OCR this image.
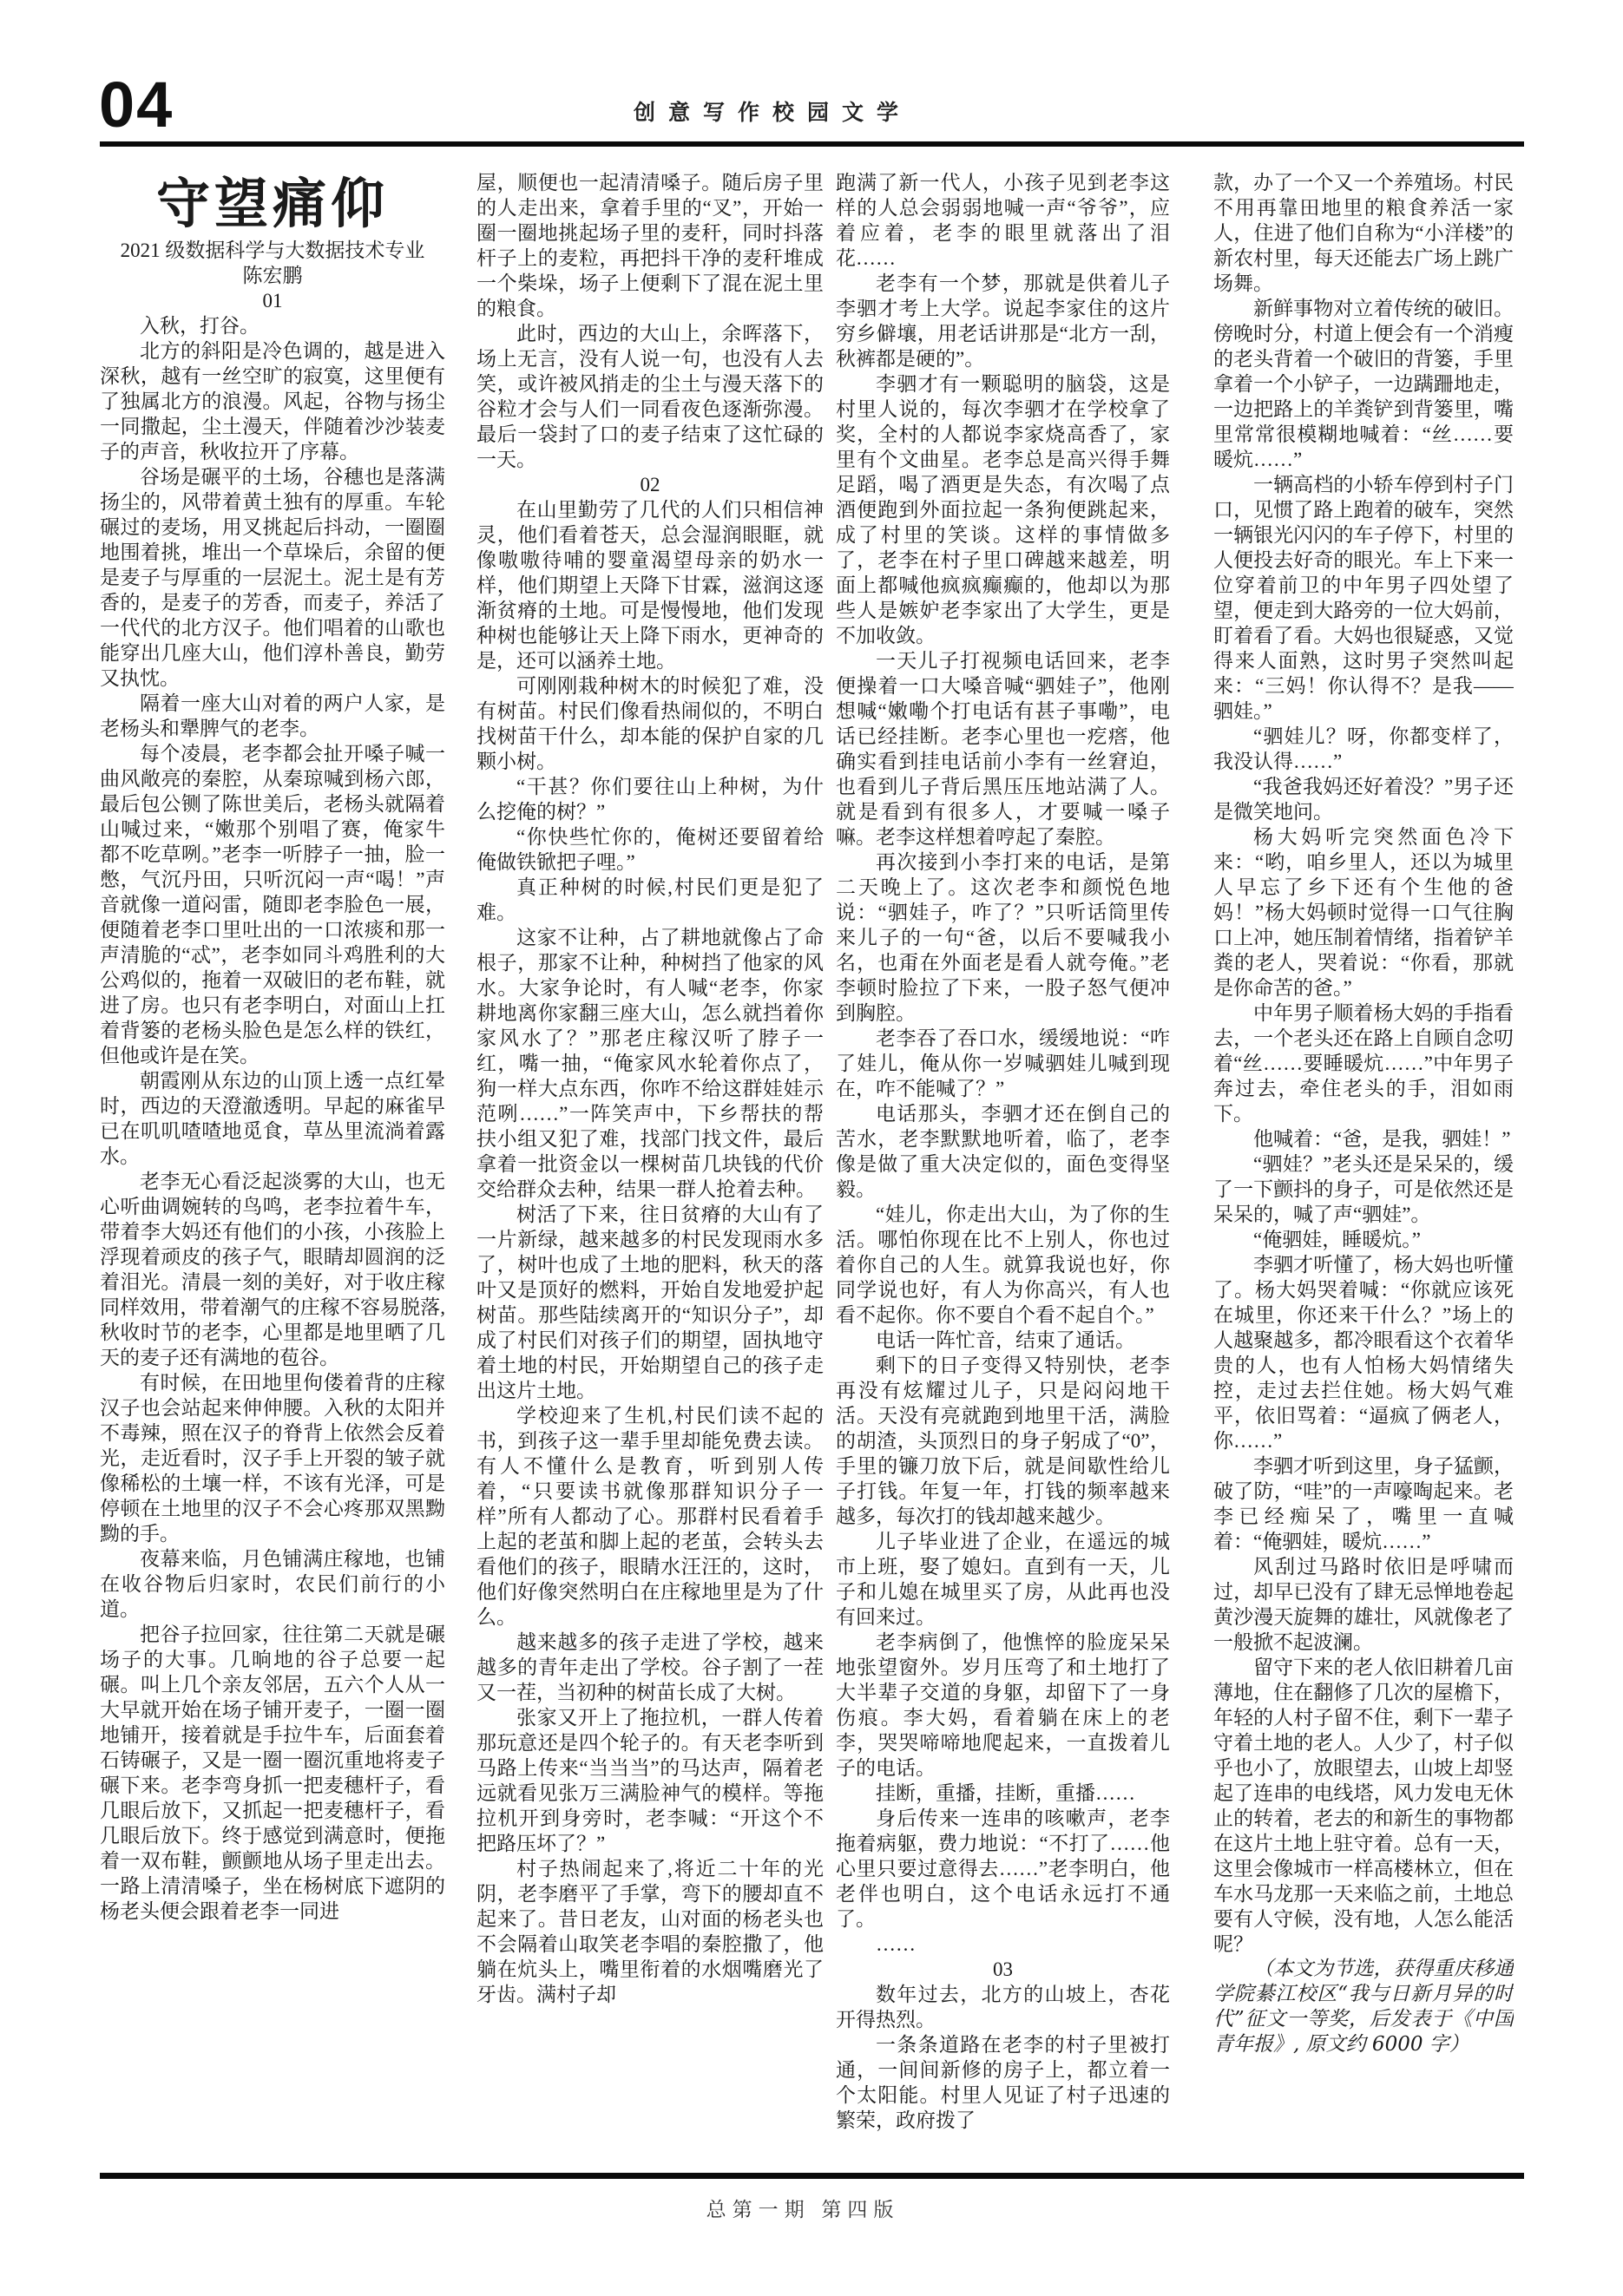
04	创意写作校园文学

守望痛仰

2021 级数据科学与大数据技术专业

陈宏鹏

01

入秋，打谷。

北方的斜阳是冷色调的，越是进入深秋，越有一丝空旷的寂寞，这里便有了独属北方的浪漫。风起，谷物与扬尘一同撒起，尘土漫天，伴随着沙沙装麦子的声音，秋收拉开了序幕。

谷场是碾平的土场，谷穗也是落满扬尘的，风带着黄土独有的厚重。车轮碾过的麦场，用叉挑起后抖动，一圈圈地围着挑，堆出一个草垛后，余留的便是麦子与厚重的一层泥土。泥土是有芳香的，是麦子的芳香，而麦子，养活了一代代的北方汉子。他们唱着的山歌也能穿出几座大山，他们淳朴善良，勤劳又执忱。

隔着一座大山对着的两户人家，是老杨头和犟脾气的老李。

每个凌晨，老李都会扯开嗓子喊一曲风敞亮的秦腔，从秦琼喊到杨六郎，最后包公铡了陈世美后，老杨头就隔着山喊过来，“嫩那个别唱了赛，俺家牛都不吃草咧。”老李一听脖子一抽，脸一憋，气沉丹田，只听沉闷一声“喝！”声音就像一道闷雷，随即老李脸色一展，便随着老李口里吐出的一口浓痰和那一声清脆的“忒”，老李如同斗鸡胜利的大公鸡似的，拖着一双破旧的老布鞋，就进了房。也只有老李明白，对面山上扛着背篓的老杨头脸色是怎么样的铁红，但他或许是在笑。

朝霞刚从东边的山顶上透一点红晕时，西边的天澄澈透明。早起的麻雀早已在叽叽喳喳地觅食，草丛里流淌着露水。

老李无心看泛起淡雾的大山，也无心听曲调婉转的鸟鸣，老李拉着牛车，带着李大妈还有他们的小孩，小孩脸上浮现着顽皮的孩子气，眼睛却圆润的泛着泪光。清晨一刻的美好，对于收庄稼同样效用，带着潮气的庄稼不容易脱落,秋收时节的老李，心里都是地里晒了几天的麦子还有满地的苞谷。

有时候，在田地里佝偻着背的庄稼汉子也会站起来伸伸腰。入秋的太阳并不毒辣，照在汉子的脊背上依然会反着光，走近看时，汉子手上开裂的皱子就像稀松的土壤一样，不该有光泽，可是停顿在土地里的汉子不会心疼那双黑黝黝的手。

夜幕来临，月色铺满庄稼地，也铺在收谷物后归家时，农民们前行的小道。

把谷子拉回家，往往第二天就是碾场子的大事。几晌地的谷子总要一起碾。叫上几个亲友邻居，五六个人从一大早就开始在场子铺开麦子，一圈一圈地铺开，接着就是手拉牛车，后面套着石铸碾子，又是一圈一圈沉重地将麦子碾下来。老李弯身抓一把麦穗杆子，看几眼后放下，又抓起一把麦穗杆子，看几眼后放下。终于感觉到满意时，便拖着一双布鞋，颤颤地从场子里走出去。一路上清清嗓子，坐在杨树底下遮阴的杨老头便会跟着老李一同进

屋，顺便也一起清清嗓子。随后房子里的人走出来，拿着手里的“叉”，开始一圈一圈地挑起场子里的麦秆，同时抖落杆子上的麦粒，再把抖干净的麦秆堆成一个柴垛，场子上便剩下了混在泥土里的粮食。

此时，西边的大山上，余晖落下，场上无言，没有人说一句，也没有人去笑，或许被风捎走的尘土与漫天落下的谷粒才会与人们一同看夜色逐渐弥漫。最后一袋封了口的麦子结束了这忙碌的一天。

02

在山里勤劳了几代的人们只相信神灵，他们看着苍天，总会湿润眼眶，就像嗷嗷待哺的婴童渴望母亲的奶水一样，他们期望上天降下甘霖，滋润这逐渐贫瘠的土地。可是慢慢地，他们发现种树也能够让天上降下雨水，更神奇的是，还可以涵养土地。

可刚刚栽种树木的时候犯了难，没有树苗。村民们像看热闹似的，不明白找树苗干什么，却本能的保护自家的几颗小树。

“干甚？你们要往山上种树，为什么挖俺的树？”

“你快些忙你的，俺树还要留着给俺做铁锨把子哩。”

真正种树的时候,村民们更是犯了难。

这家不让种，占了耕地就像占了命根子，那家不让种，种树挡了他家的风水。大家争论时，有人喊“老李，你家耕地离你家翻三座大山，怎么就挡着你家风水了？”那老庄稼汉听了脖子一红，嘴一抽，“俺家风水轮着你点了，狗一样大点东西，你咋不给这群娃娃示范咧……”一阵笑声中，下乡帮扶的帮扶小组又犯了难，找部门找文件，最后拿着一批资金以一棵树苗几块钱的代价交给群众去种，结果一群人抢着去种。

树活了下来，往日贫瘠的大山有了一片新绿，越来越多的村民发现雨水多了，树叶也成了土地的肥料，秋天的落叶又是顶好的燃料，开始自发地爱护起树苗。那些陆续离开的“知识分子”，却成了村民们对孩子们的期望，固执地守着土地的村民，开始期望自己的孩子走出这片土地。

学校迎来了生机,村民们读不起的书，到孩子这一辈手里却能免费去读。有人不懂什么是教育，听到别人传着，“只要读书就像那群知识分子一样”所有人都动了心。那群村民看着手上起的老茧和脚上起的老茧，会转头去看他们的孩子，眼睛水汪汪的，这时，他们好像突然明白在庄稼地里是为了什么。

越来越多的孩子走进了学校，越来越多的青年走出了学校。谷子割了一茬又一茬，当初种的树苗长成了大树。

张家又开上了拖拉机，一群人传着那玩意还是四个轮子的。有天老李听到马路上传来“当当当”的马达声，隔着老远就看见张万三满脸神气的模样。等拖拉机开到身旁时，老李喊：“开这个不把路压坏了？”

村子热闹起来了,将近二十年的光阴，老李磨平了手掌，弯下的腰却直不起来了。昔日老友，山对面的杨老头也不会隔着山取笑老李唱的秦腔撒了，他躺在炕头上，嘴里衔着的水烟嘴磨光了牙齿。满村子却

跑满了新一代人，小孩子见到老李这样的人总会弱弱地喊一声“爷爷”，应着应着，老李的眼里就落出了泪花……

老李有一个梦，那就是供着儿子李驷才考上大学。说起李家住的这片穷乡僻壤，用老话讲那是“北方一刮，秋裤都是硬的”。

李驷才有一颗聪明的脑袋，这是村里人说的，每次李驷才在学校拿了奖，全村的人都说李家烧高香了，家里有个文曲星。老李总是高兴得手舞足蹈，喝了酒更是失态，有次喝了点酒便跑到外面拉起一条狗便跳起来，成了村里的笑谈。这样的事情做多了，老李在村子里口碑越来越差，明面上都喊他疯疯癫癫的，他却以为那些人是嫉妒老李家出了大学生，更是不加收敛。

一天儿子打视频电话回来，老李便操着一口大嗓音喊“驷娃子”，他刚想喊“嫩嘞个打电话有甚子事嘞”，电话已经挂断。老李心里也一疙瘩，他确实看到挂电话前小李有一丝窘迫，也看到儿子背后黑压压地站满了人。就是看到有很多人，才要喊一嗓子嘛。老李这样想着哼起了秦腔。

再次接到小李打来的电话，是第二天晚上了。这次老李和颜悦色地说：“驷娃子，咋了？”只听话筒里传来儿子的一句“爸，以后不要喊我小名，也甭在外面老是看人就夸俺。”老李顿时脸拉了下来，一股子怒气便冲到胸腔。

老李吞了吞口水，缓缓地说：“咋了娃儿，俺从你一岁喊驷娃儿喊到现在，咋不能喊了？”

电话那头，李驷才还在倒自己的苦水，老李默默地听着，临了，老李像是做了重大决定似的，面色变得坚毅。

“娃儿，你走出大山，为了你的生活。哪怕你现在比不上别人，你也过着你自己的人生。就算我说也好，你同学说也好，有人为你高兴，有人也看不起你。你不要自个看不起自个。”

电话一阵忙音，结束了通话。

剩下的日子变得又特别快，老李再没有炫耀过儿子，只是闷闷地干活。天没有亮就跑到地里干活，满脸的胡渣，头顶烈日的身子躬成了“0”，手里的镰刀放下后，就是间歇性给儿子打钱。年复一年，打钱的频率越来越多，每次打的钱却越来越少。

儿子毕业进了企业，在遥远的城市上班，娶了媳妇。直到有一天，儿子和儿媳在城里买了房，从此再也没有回来过。

老李病倒了，他憔悴的脸庞呆呆地张望窗外。岁月压弯了和土地打了大半辈子交道的身躯，却留下了一身伤痕。李大妈，看着躺在床上的老李，哭哭啼啼地爬起来，一直拨着儿子的电话。

挂断，重播，挂断，重播……

身后传来一连串的咳嗽声，老李拖着病躯，费力地说：“不打了……他心里只要过意得去……”老李明白，他老伴也明白，这个电话永远打不通了。

……

03

数年过去，北方的山坡上，杏花开得热烈。

一条条道路在老李的村子里被打通，一间间新修的房子上，都立着一个太阳能。村里人见证了村子迅速的繁荣，政府拨了

款，办了一个又一个养殖场。村民不用再靠田地里的粮食养活一家人，住进了他们自称为“小洋楼”的新农村里，每天还能去广场上跳广场舞。

新鲜事物对立着传统的破旧。傍晚时分，村道上便会有一个消瘦的老头背着一个破旧的背篓，手里拿着一个小铲子，一边蹒跚地走，一边把路上的羊粪铲到背篓里，嘴里常常很模糊地喊着：“丝……要暖炕……”

一辆高档的小轿车停到村子门口，见惯了路上跑着的破车，突然一辆银光闪闪的车子停下，村里的人便投去好奇的眼光。车上下来一位穿着前卫的中年男子四处望了望，便走到大路旁的一位大妈前，盯着看了看。大妈也很疑惑，又觉得来人面熟，这时男子突然叫起来：“三妈！你认得不？是我——驷娃。”

“驷娃儿？呀，你都变样了，我没认得……”

“我爸我妈还好着没？”男子还是微笑地问。

杨大妈听完突然面色冷下来：“哟，咱乡里人，还以为城里人早忘了乡下还有个生他的爸妈！”杨大妈顿时觉得一口气往胸口上冲，她压制着情绪，指着铲羊粪的老人，哭着说：“你看，那就是你命苦的爸。”

中年男子顺着杨大妈的手指看去，一个老头还在路上自顾自念叨着“丝……要睡暖炕……”中年男子奔过去，牵住老头的手，泪如雨下。

他喊着：“爸，是我，驷娃！”

“驷娃？”老头还是呆呆的，缓了一下颤抖的身子，可是依然还是呆呆的，喊了声“驷娃”。

“俺驷娃，睡暖炕。”

李驷才听懂了，杨大妈也听懂了。杨大妈哭着喊：“你就应该死在城里，你还来干什么？”场上的人越聚越多，都冷眼看这个衣着华贵的人，也有人怕杨大妈情绪失控，走过去拦住她。杨大妈气难平，依旧骂着：“逼疯了俩老人，你……”

李驷才听到这里，身子猛颤，破了防，“哇”的一声嚎啕起来。老李已经痴呆了，嘴里一直喊着：“俺驷娃，暖炕……”

风刮过马路时依旧是呼啸而过，却早已没有了肆无忌惮地卷起黄沙漫天旋舞的雄壮，风就像老了一般掀不起波澜。

留守下来的老人依旧耕着几亩薄地，住在翻修了几次的屋檐下，年轻的人村子留不住，剩下一辈子守着土地的老人。人少了，村子似乎也小了，放眼望去，山坡上却竖起了连串的电线塔，风力发电无休止的转着，老去的和新生的事物都在这片土地上驻守着。总有一天，这里会像城市一样高楼林立，但在车水马龙那一天来临之前，土地总要有人守候，没有地，人怎么能活呢？

（本文为节选，获得重庆移通学院綦江校区“我与日新月异的时代”征文一等奖，后发表于《中国青年报》, 原文约 6000 字）

总第一期 第四版
